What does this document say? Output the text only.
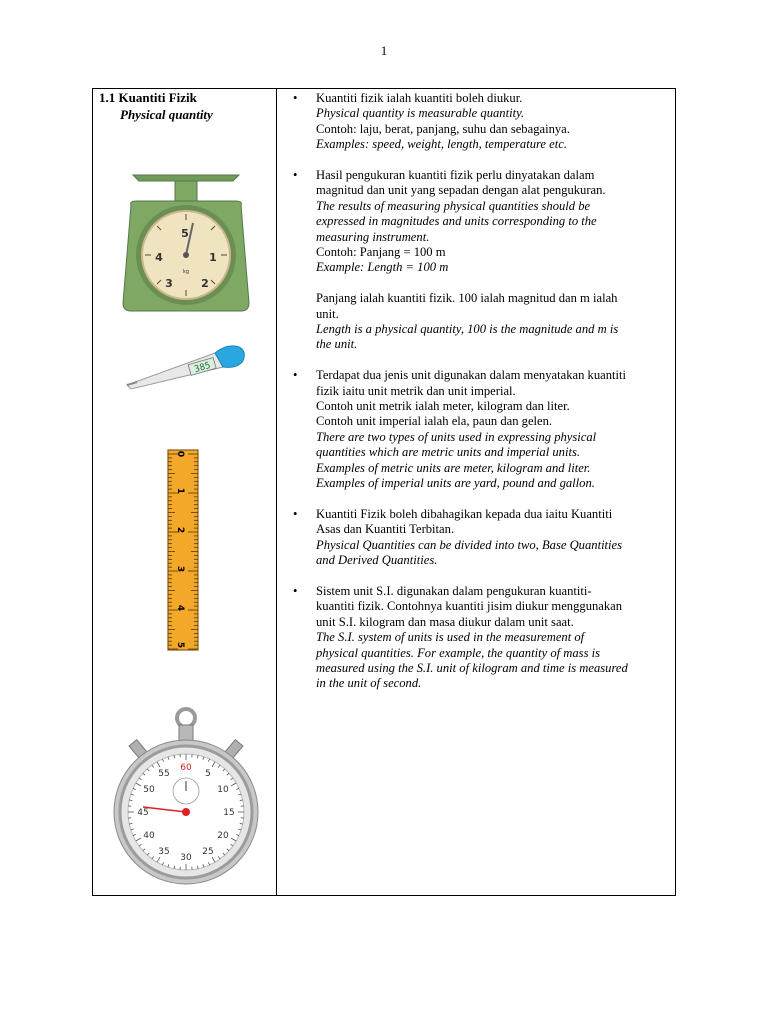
1
1.1 Kuantiti Fizik
Physical quantity
5
1
2
3
4
kg
385
0
1
2
3
4
5
60
5
10
15
20
25
30
35
40
45
50
55
• Kuantiti fizik ialah kuantiti boleh diukur.
Physical quantity is measurable quantity.
Contoh: laju, berat, panjang, suhu dan sebagainya.
Examples: speed, weight, length, temperature etc.
• Hasil pengukuran kuantiti fizik perlu dinyatakan dalam
magnitud dan unit yang sepadan dengan alat pengukuran.
The results of measuring physical quantities should be
expressed in magnitudes and units corresponding to the
measuring instrument.
Contoh: Panjang = 100 m
Example: Length = 100 m
Panjang ialah kuantiti fizik. 100 ialah magnitud dan m ialah
unit.
Length is a physical quantity, 100 is the magnitude and m is
the unit.
• Terdapat dua jenis unit digunakan dalam menyatakan kuantiti
fizik iaitu unit metrik dan unit imperial.
Contoh unit metrik ialah meter, kilogram dan liter.
Contoh unit imperial ialah ela, paun dan gelen.
There are two types of units used in expressing physical
quantities which are metric units and imperial units.
Examples of metric units are meter, kilogram and liter.
Examples of imperial units are yard, pound and gallon.
• Kuantiti Fizik boleh dibahagikan kepada dua iaitu Kuantiti
Asas dan Kuantiti Terbitan.
Physical Quantities can be divided into two, Base Quantities
and Derived Quantities.
• Sistem unit S.I. digunakan dalam pengukuran kuantiti-
kuantiti fizik. Contohnya kuantiti jisim diukur menggunakan
unit S.I. kilogram dan masa diukur dalam unit saat.
The S.I. system of units is used in the measurement of
physical quantities. For example, the quantity of mass is
measured using the S.I. unit of kilogram and time is measured
in the unit of second.
